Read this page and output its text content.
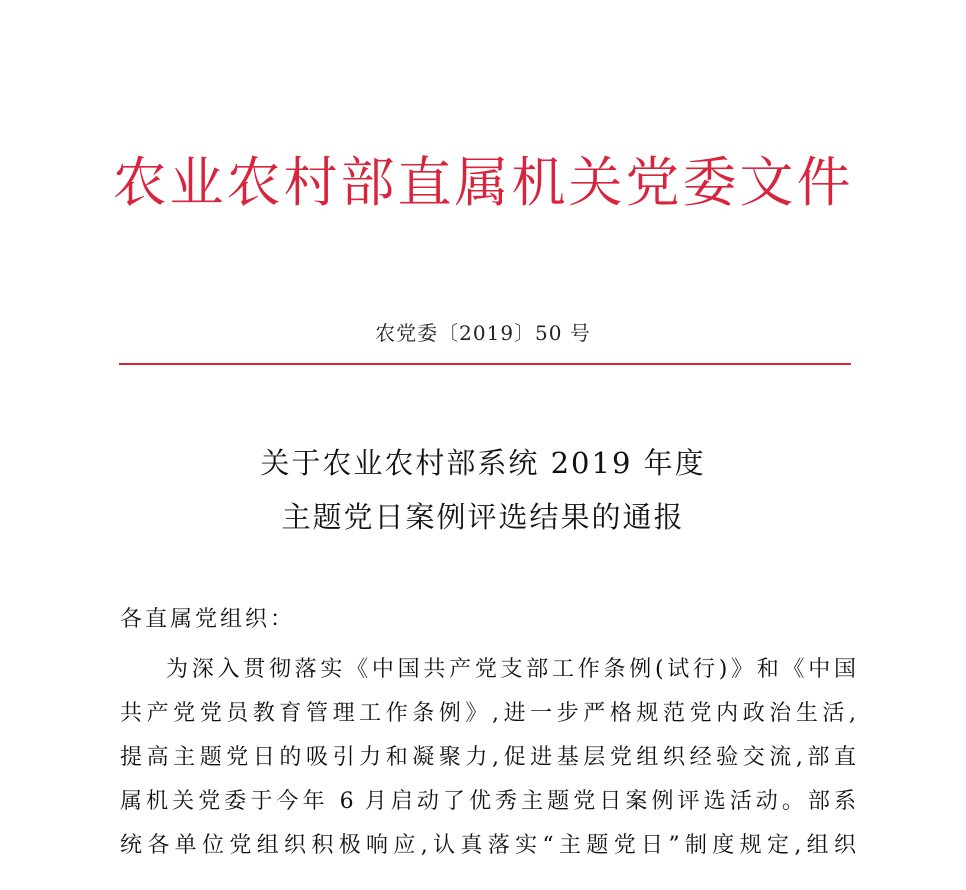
农业农村部直属机关党委文件
农党委〔2019〕50 号
关于农业农村部系统 2019 年度
主题党日案例评选结果的通报
各直属党组织：
为深入贯彻落实《中国共产党支部工作条例(试行)》和《中国
共产党党员教育管理工作条例》,进一步严格规范党内政治生活,
提高主题党日的吸引力和凝聚力,促进基层党组织经验交流,部直
属机关党委于今年 6 月启动了优秀主题党日案例评选活动。部系
统各单位党组织积极响应,认真落实“主题党日”制度规定,组织
